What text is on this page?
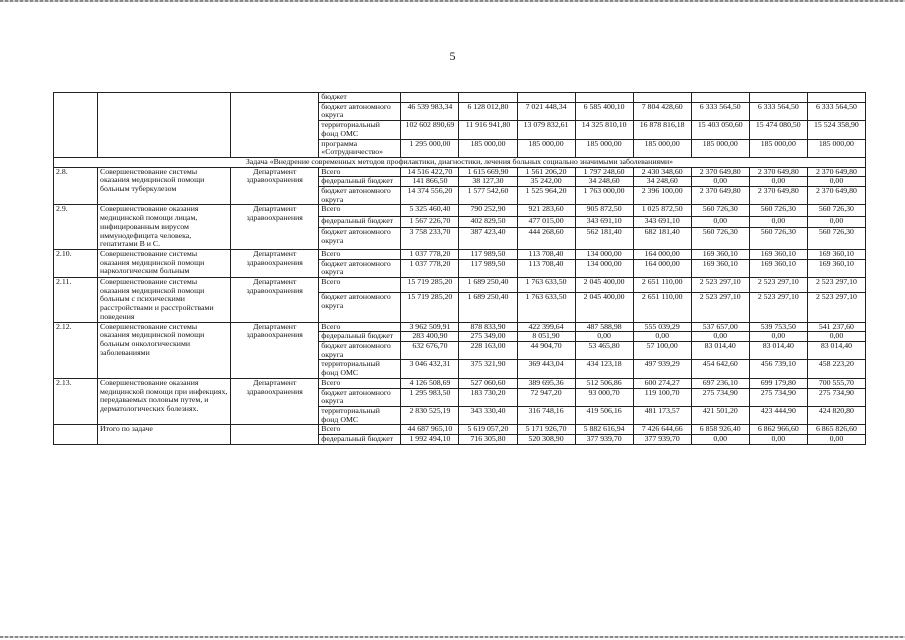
5
			бюджет								
			бюджет автономного округа	46 539 983,34	6 128 012,80	7 021 448,34	6 585 400,10	7 804 428,60	6 333 564,50	6 333 564,50	6 333 564,50
			территориальный фонд ОМС	102 602 890,69	11 916 941,80	13 079 832,61	14 325 810,10	16 878 816,18	15 403 050,60	15 474 080,50	15 524 358,90
			программа «Сотрудничество»	1 295 000,00	185 000,00	185 000,00	185 000,00	185 000,00	185 000,00	185 000,00	185 000,00
Задача «Внедрение современных методов профилактики, диагностики, лечения больных социально значимыми заболеваниями»											
2.8.	Совершенствование системы оказания медицинской помощи больным туберкулезом	Департамент здравоохранения	Всего	14 516 422,70	1 615 669,90	1 561 206,20	1 797 248,60	2 430 348,60	2 370 649,80	2 370 649,80	2 370 649,80
			федеральный бюджет	141 866,50	38 127,30	35 242,00	34 248,60	34 248,60	0,00	0,00	0,00
			бюджет автономного округа	14 374 556,20	1 577 542,60	1 525 964,20	1 763 000,00	2 396 100,00	2 370 649,80	2 370 649,80	2 370 649,80
2.9.	Совершенствование оказания медицинской помощи лицам, инфицированным вирусом иммунодефицита человека, гепатитами В и С.	Департамент здравоохранения	Всего	5 325 460,40	790 252,90	921 283,60	905 872,50	1 025 872,50	560 726,30	560 726,30	560 726,30
			федеральный бюджет	1 567 226,70	402 829,50	477 015,00	343 691,10	343 691,10	0,00	0,00	0,00
			бюджет автономного округа	3 758 233,70	387 423,40	444 268,60	562 181,40	682 181,40	560 726,30	560 726,30	560 726,30
2.10.	Совершенствование системы оказания медицинской помощи наркологическим больным	Департамент здравоохранения	Всего	1 037 778,20	117 989,50	113 708,40	134 000,00	164 000,00	169 360,10	169 360,10	169 360,10
			бюджет автономного округа	1 037 778,20	117 989,50	113 708,40	134 000,00	164 000,00	169 360,10	169 360,10	169 360,10
2.11.	Совершенствование системы оказания медицинской помощи больным с психическими расстройствами и расстройствами поведения	Департамент здравоохранения	Всего	15 719 285,20	1 689 250,40	1 763 633,50	2 045 400,00	2 651 110,00	2 523 297,10	2 523 297,10	2 523 297,10
			бюджет автономного округа	15 719 285,20	1 689 250,40	1 763 633,50	2 045 400,00	2 651 110,00	2 523 297,10	2 523 297,10	2 523 297,10
2.12.	Совершенствование системы оказания медицинской помощи больным онкологическими заболеваниями	Департамент здравоохранения	Всего	3 962 509,91	878 833,90	422 399,64	487 588,98	555 039,29	537 657,00	539 753,50	541 237,60
			федеральный бюджет	283 400,90	275 349,00	8 051,90	0,00	0,00	0,00	0,00	0,00
			бюджет автономного округа	632 676,70	228 163,00	44 904,70	53 465,80	57 100,00	83 014,40	83 014,40	83 014,40
			территориальный фонд ОМС	3 046 432,31	375 321,90	369 443,04	434 123,18	497 939,29	454 642,60	456 739,10	458 223,20
2.13.	Совершенствование оказания медицинской помощи при инфекциях, передаваемых половым путем, и дерматологических болезнях.	Департамент здравоохранения	Всего	4 126 508,69	527 060,60	389 695,36	512 506,86	600 274,27	697 236,10	699 179,80	700 555,70
			бюджет автономного округа	1 295 983,50	183 730,20	72 947,20	93 000,70	119 100,70	275 734,90	275 734,90	275 734,90
			территориальный фонд ОМС	2 830 525,19	343 330,40	316 748,16	419 506,16	481 173,57	421 501,20	423 444,90	424 820,80
	Итого по задаче		Всего	44 687 965,10	5 619 057,20	5 171 926,70	5 882 616,94	7 426 644,66	6 858 926,40	6 862 966,60	6 865 826,60
			федеральный бюджет	1 992 494,10	716 305,80	520 308,90	377 939,70	377 939,70	0,00	0,00	0,00
